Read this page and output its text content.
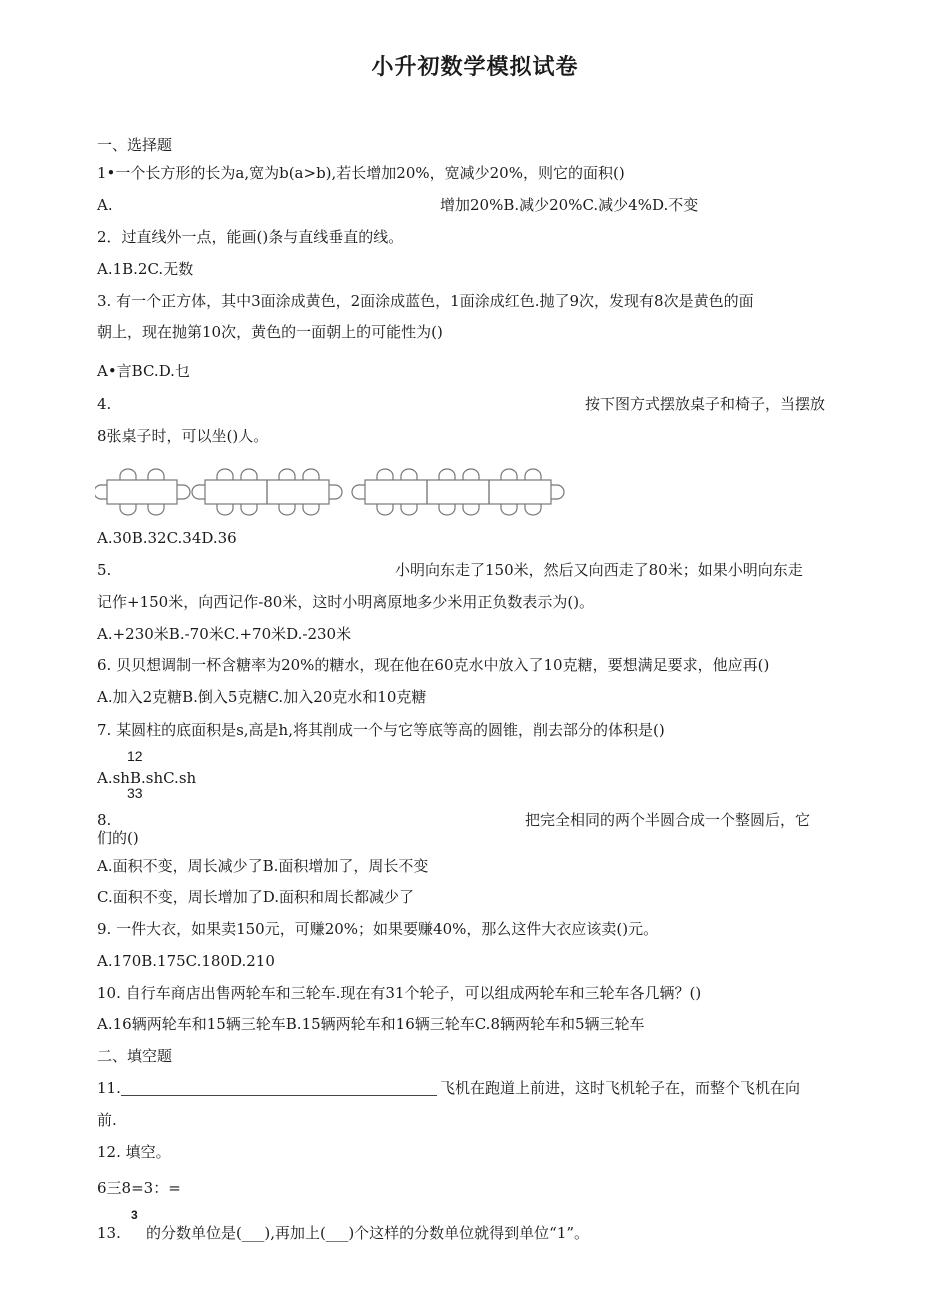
小升初数学模拟试卷
一、选择题
1•一个长方形的长为a,宽为b(a>b),若长增加20%，宽减少20%，则它的面积()
A.	增加20%B.减少20%C.减少4%D.不变
2．过直线外一点，能画()条与直线垂直的线。
A.1B.2C.无数
3. 有一个正方体，其中3面涂成黄色，2面涂成蓝色，1面涂成红色.抛了9次，发现有8次是黄色的面
朝上，现在抛第10次，黄色的一面朝上的可能性为()
A•言BC.D.乜
4.	按下图方式摆放桌子和椅子，当摆放
8张桌子时，可以坐()人。
A.30B.32C.34D.36
5.	小明向东走了150米，然后又向西走了80米；如果小明向东走
记作+150米，向西记作-80米，这时小明离原地多少米用正负数表示为()。
A.+230米B.-70米C.+70米D.-230米
6. 贝贝想调制一杯含糖率为20%的糖水，现在他在60克水中放入了10克糖，要想满足要求，他应再()
A.加入2克糖B.倒入5克糖C.加入20克水和10克糖
7. 某圆柱的底面积是s,高是h,将其削成一个与它等底等高的圆锥，削去部分的体积是()
12
A.shB.shC.sh
33
8.	把完全相同的两个半圆合成一个整圆后，它
们的()
A.面积不变，周长减少了B.面积增加了，周长不变
C.面积不变，周长增加了D.面积和周长都减少了
9. 一件大衣，如果卖150元，可赚20%；如果要赚40%，那么这件大衣应该卖()元。
A.170B.175C.180D.210
10. 自行车商店出售两轮车和三轮车.现在有31个轮子，可以组成两轮车和三轮车各几辆？()
A.16辆两轮车和15辆三轮车B.15辆两轮车和16辆三轮车C.8辆两轮车和5辆三轮车
二、填空题
11.	飞机在跑道上前进，这时飞机轮子在，而整个飞机在向
前.
12. 填空。
6三8=3：=
3
13. 的分数单位是(___),再加上(___)个这样的分数单位就得到单位“1”。
